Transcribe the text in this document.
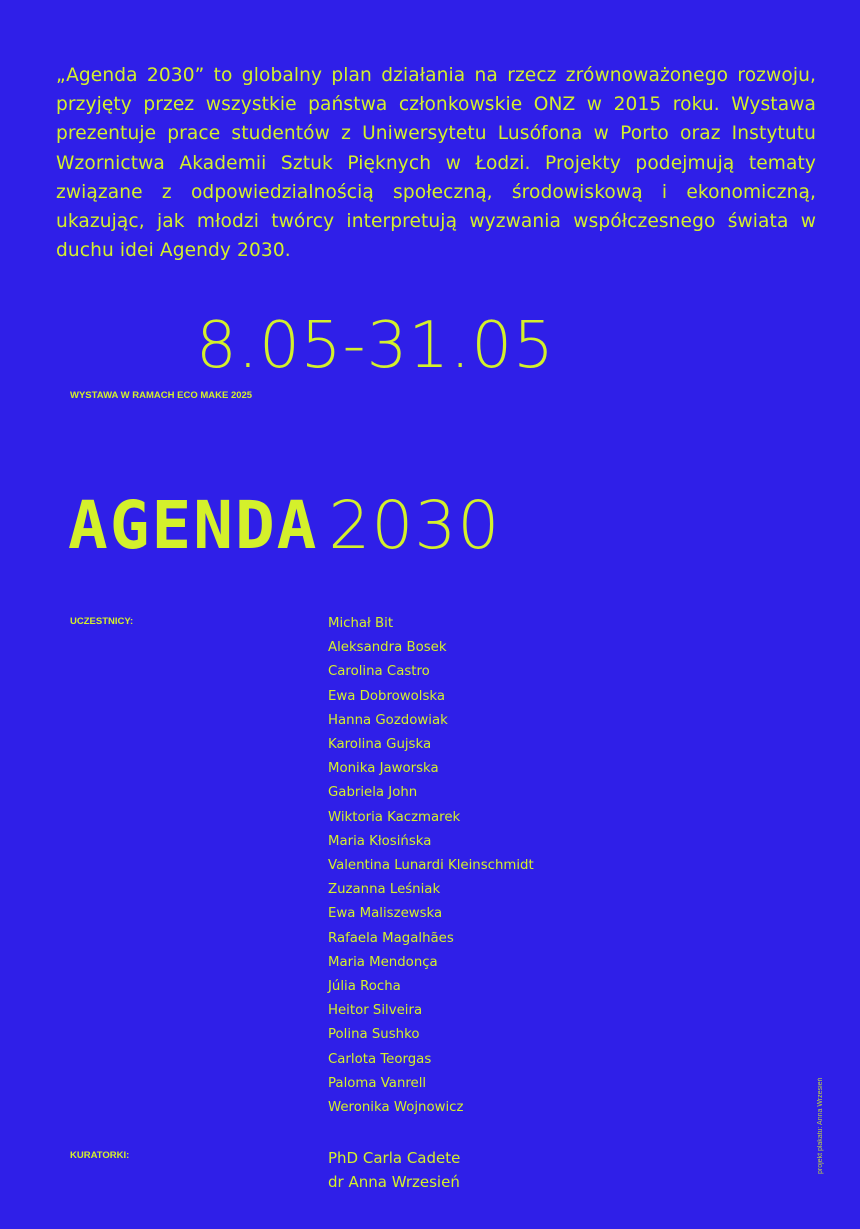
„Agenda 2030” to globalny plan działania na rzecz zrównoważonego rozwoju, przyjęty przez wszystkie państwa członkowskie ONZ w 2015 roku. Wystawa prezentuje prace studentów z Uniwersytetu Lusófona w Porto oraz Instytutu Wzornictwa Akademii Sztuk Pięknych w Łodzi. Projekty podejmują tematy związane z odpowiedzialnością społeczną, środowiskową i ekonomiczną, ukazując, jak młodzi twórcy interpretują wyzwania współczesnego świata w duchu idei Agendy 2030.

8.05-31.05

WYSTAWA W RAMACH ECO MAKE 2025

AGENDA 2030

UCZESTNICY:	Michał Bit
Aleksandra Bosek
Carolina Castro
Ewa Dobrowolska
Hanna Gozdowiak
Karolina Gujska
Monika Jaworska
Gabriela John
Wiktoria Kaczmarek
Maria Kłosińska
Valentina Lunardi Kleinschmidt
Zuzanna Leśniak
Ewa Maliszewska
Rafaela Magalhães
Maria Mendonça
Júlia Rocha
Heitor Silveira
Polina Sushko
Carlota Teorgas
Paloma Vanrell
Weronika Wojnowicz

KURATORKI:	PhD Carla Cadete
dr Anna Wrzesień

projekt plakatu: Anna Wrzesień
